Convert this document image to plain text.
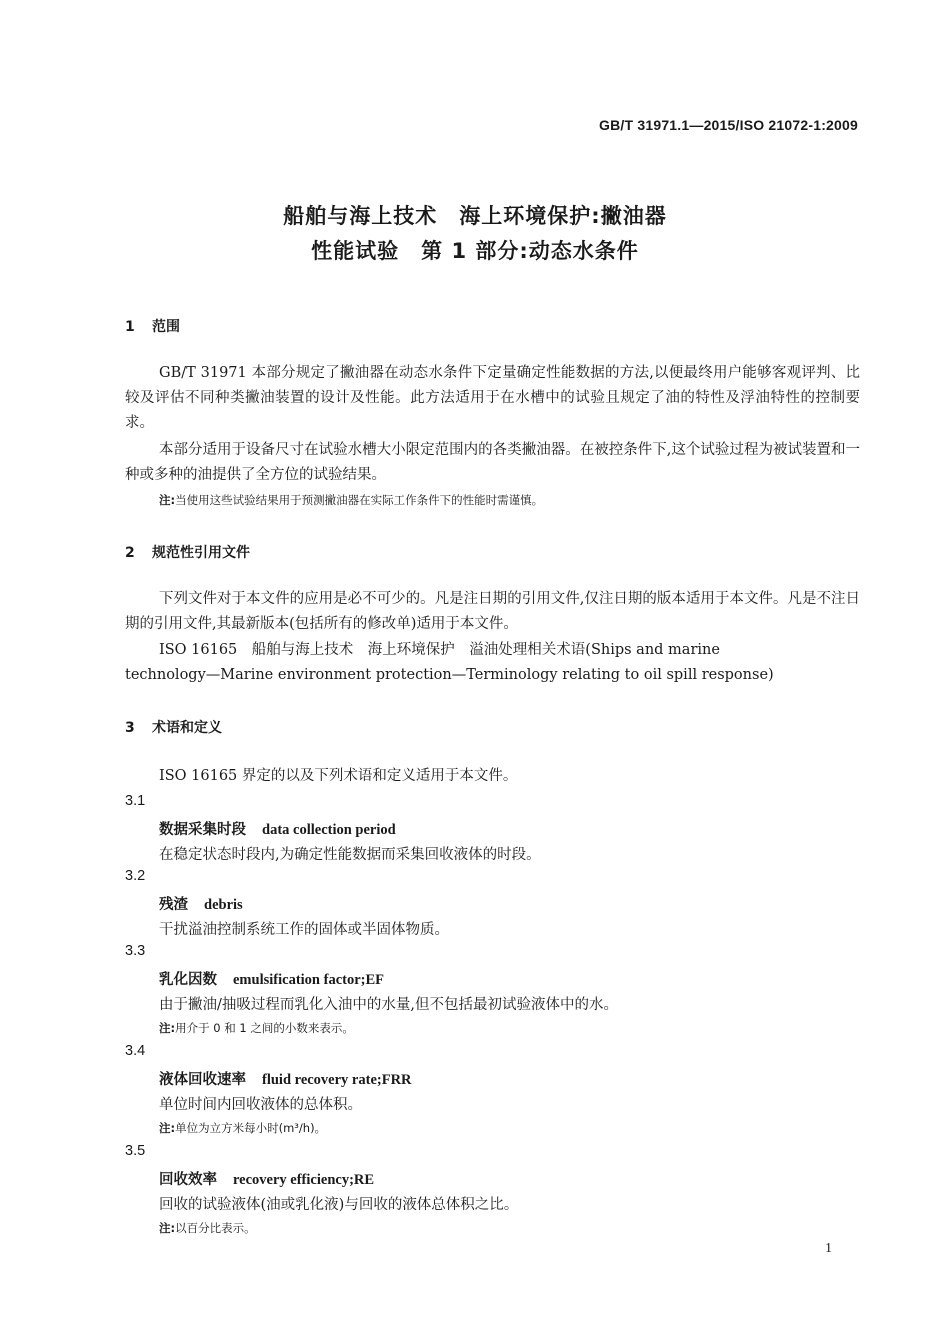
GB/T 31971.1—2015/ISO 21072-1:2009
船舶与海上技术　海上环境保护:撇油器
性能试验　第 1 部分:动态水条件
1 范围
GB/T 31971 本部分规定了撇油器在动态水条件下定量确定性能数据的方法,以便最终用户能够客观评判、比较及评估不同种类撇油装置的设计及性能。此方法适用于在水槽中的试验且规定了油的特性及浮油特性的控制要求。
本部分适用于设备尺寸在试验水槽大小限定范围内的各类撇油器。在被控条件下,这个试验过程为被试装置和一种或多种的油提供了全方位的试验结果。
注:当使用这些试验结果用于预测撇油器在实际工作条件下的性能时需谨慎。
2 规范性引用文件
下列文件对于本文件的应用是必不可少的。凡是注日期的引用文件,仅注日期的版本适用于本文件。凡是不注日期的引用文件,其最新版本(包括所有的修改单)适用于本文件。
ISO 16165　船舶与海上技术　海上环境保护　溢油处理相关术语(Ships and marine
technology—Marine environment protection—Terminology relating to oil spill response)
3 术语和定义
ISO 16165 界定的以及下列术语和定义适用于本文件。
3.1
数据采集时段 data collection period
在稳定状态时段内,为确定性能数据而采集回收液体的时段。
3.2
残渣 debris
干扰溢油控制系统工作的固体或半固体物质。
3.3
乳化因数 emulsification factor;EF
由于撇油/抽吸过程而乳化入油中的水量,但不包括最初试验液体中的水。
注:用介于 0 和 1 之间的小数来表示。
3.4
液体回收速率 fluid recovery rate;FRR
单位时间内回收液体的总体积。
注:单位为立方米每小时(m³/h)。
3.5
回收效率 recovery efficiency;RE
回收的试验液体(油或乳化液)与回收的液体总体积之比。
注:以百分比表示。
1
